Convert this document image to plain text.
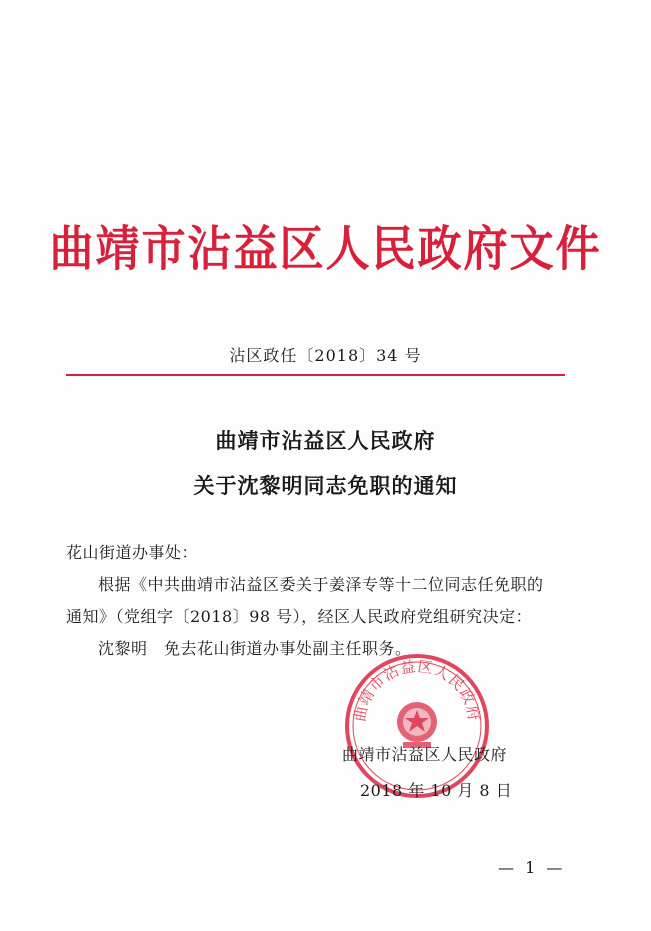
曲靖市沾益区人民政府文件
沾区政任〔2018〕34 号
曲靖市沾益区人民政府
关于沈黎明同志免职的通知
花山街道办事处：
根据《中共曲靖市沾益区委关于姜泽专等十二位同志任免职的
通知》（党组字〔2018〕98 号），经区人民政府党组研究决定：
沈黎明　免去花山街道办事处副主任职务。
曲靖市沾益区人民政府
曲靖市沾益区人民政府
2018 年 10 月 8 日
— 1 —
